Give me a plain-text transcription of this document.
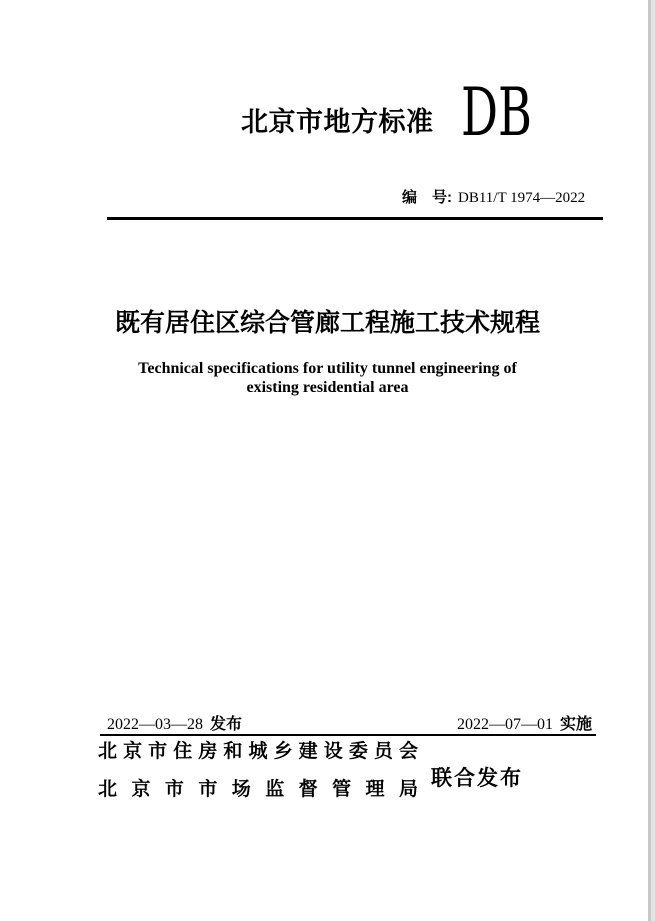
北京市地方标准 DB
编　号: DB11/T 1974—2022
既有居住区综合管廊工程施工技术规程
Technical specifications for utility tunnel engineering of
existing residential area
2022—03—28 发布	2022—07—01 实施
北 京 市 住 房 和 城 乡 建 设 委 员 会
北 京 市 市 场 监 督 管 理 局 联合发布
